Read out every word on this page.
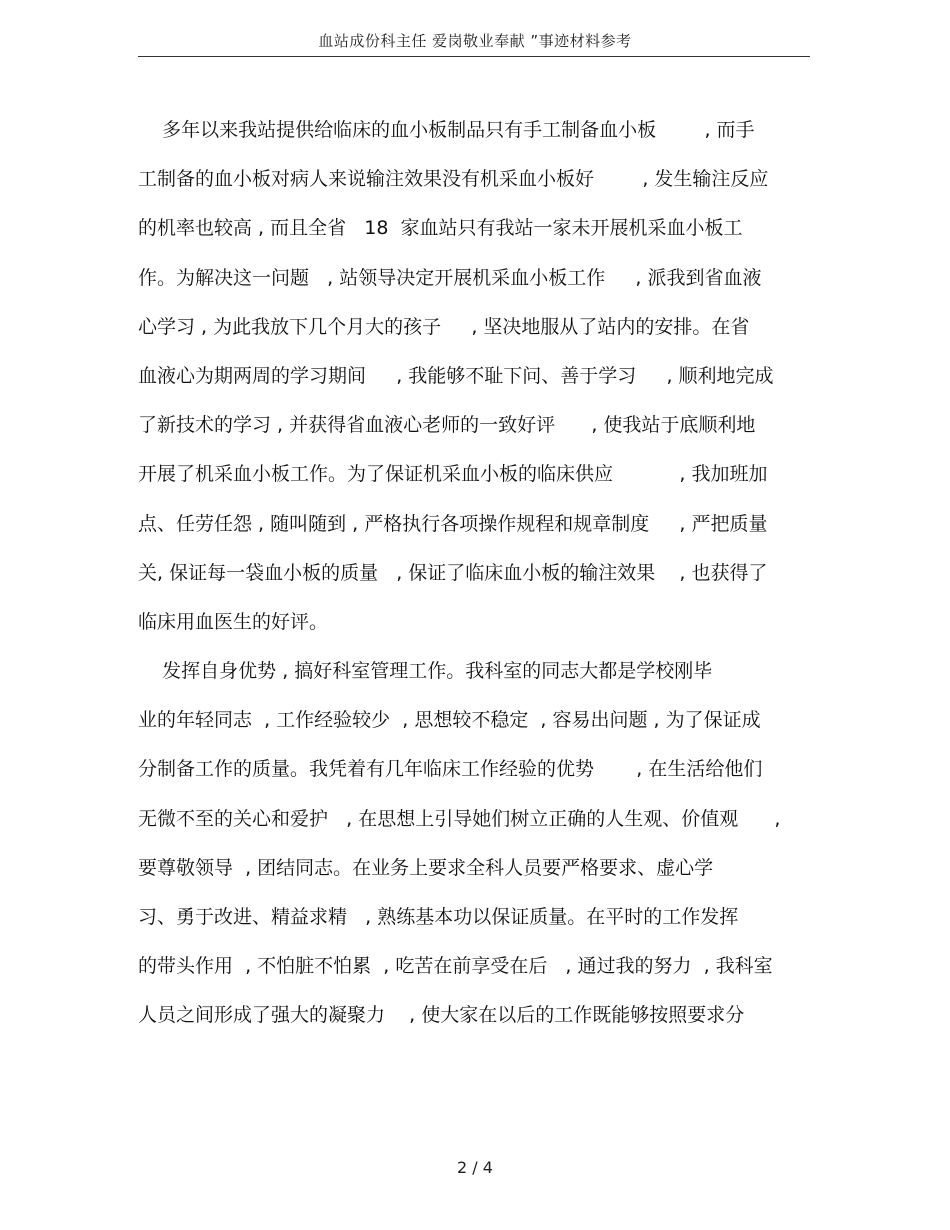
血站成份科主任 爱岗敬业奉献 ”事迹材料参考
多年以来我站提供给临床的血小板制品只有手工制备血小板        , 而手
工制备的血小板对病人来说输注效果没有机采血小板好        , 发生输注反应
的机率也较高 , 而且全省   18  家血站只有我站一家未开展机采血小板工
作。为解决这一问题   , 站领导决定开展机采血小板工作     , 派我到省血液
心学习 , 为此我放下几个月大的孩子     , 坚决地服从了站内的安排。在省
血液心为期两周的学习期间     , 我能够不耻下问、善于学习     , 顺利地完成
了新技术的学习 , 并获得省血液心老师的一致好评      , 使我站于底顺利地
开展了机采血小板工作。为了保证机采血小板的临床供应           , 我加班加
点、任劳任怨 , 随叫随到 , 严格执行各项操作规程和规章制度     , 严把质量
关, 保证每一袋血小板的质量   , 保证了临床血小板的输注效果    , 也获得了
临床用血医生的好评。
发挥自身优势 , 搞好科室管理工作。我科室的同志大都是学校刚毕
业的年轻同志  , 工作经验较少  , 思想较不稳定  , 容易出问题 , 为了保证成
分制备工作的质量。我凭着有几年临床工作经验的优势       , 在生活给他们
无微不至的关心和爱护   , 在思想上引导她们树立正确的人生观、价值观      ,
要尊敬领导  , 团结同志。在业务上要求全科人员要严格要求、虚心学
习、勇于改进、精益求精   , 熟练基本功以保证质量。在平时的工作发挥
的带头作用  , 不怕脏不怕累  , 吃苦在前享受在后   , 通过我的努力  , 我科室
人员之间形成了强大的凝聚力    , 使大家在以后的工作既能够按照要求分
2 / 4
